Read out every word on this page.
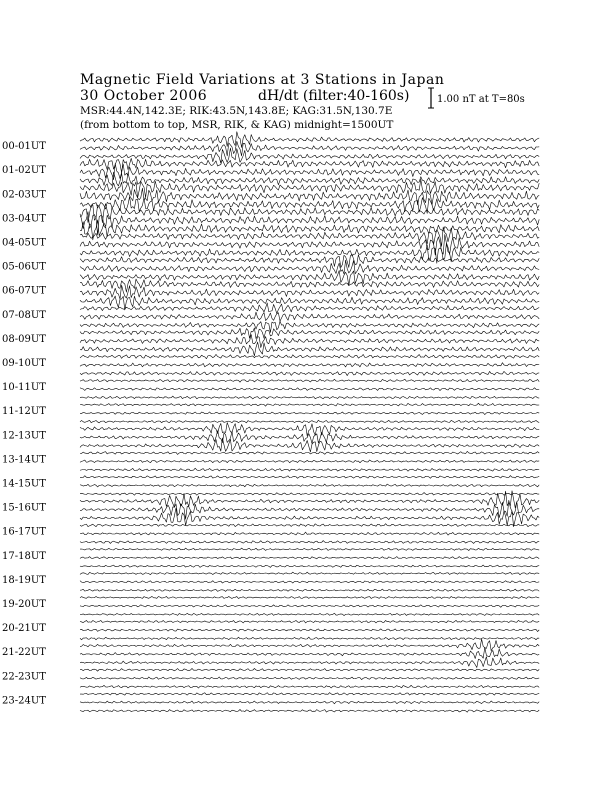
Magnetic Field Variations at 3 Stations in Japan
30 October 2006	dH/dt (filter:40-160s)
MSR:44.4N,142.3E; RIK:43.5N,143.8E; KAG:31.5N,130.7E
(from bottom to top, MSR, RIK, & KAG) midnight=1500UT
1.00 nT at T=80s
00-01UT
01-02UT
02-03UT
03-04UT
04-05UT
05-06UT
06-07UT
07-08UT
08-09UT
09-10UT
10-11UT
11-12UT
12-13UT
13-14UT
14-15UT
15-16UT
16-17UT
17-18UT
18-19UT
19-20UT
20-21UT
21-22UT
22-23UT
23-24UT
